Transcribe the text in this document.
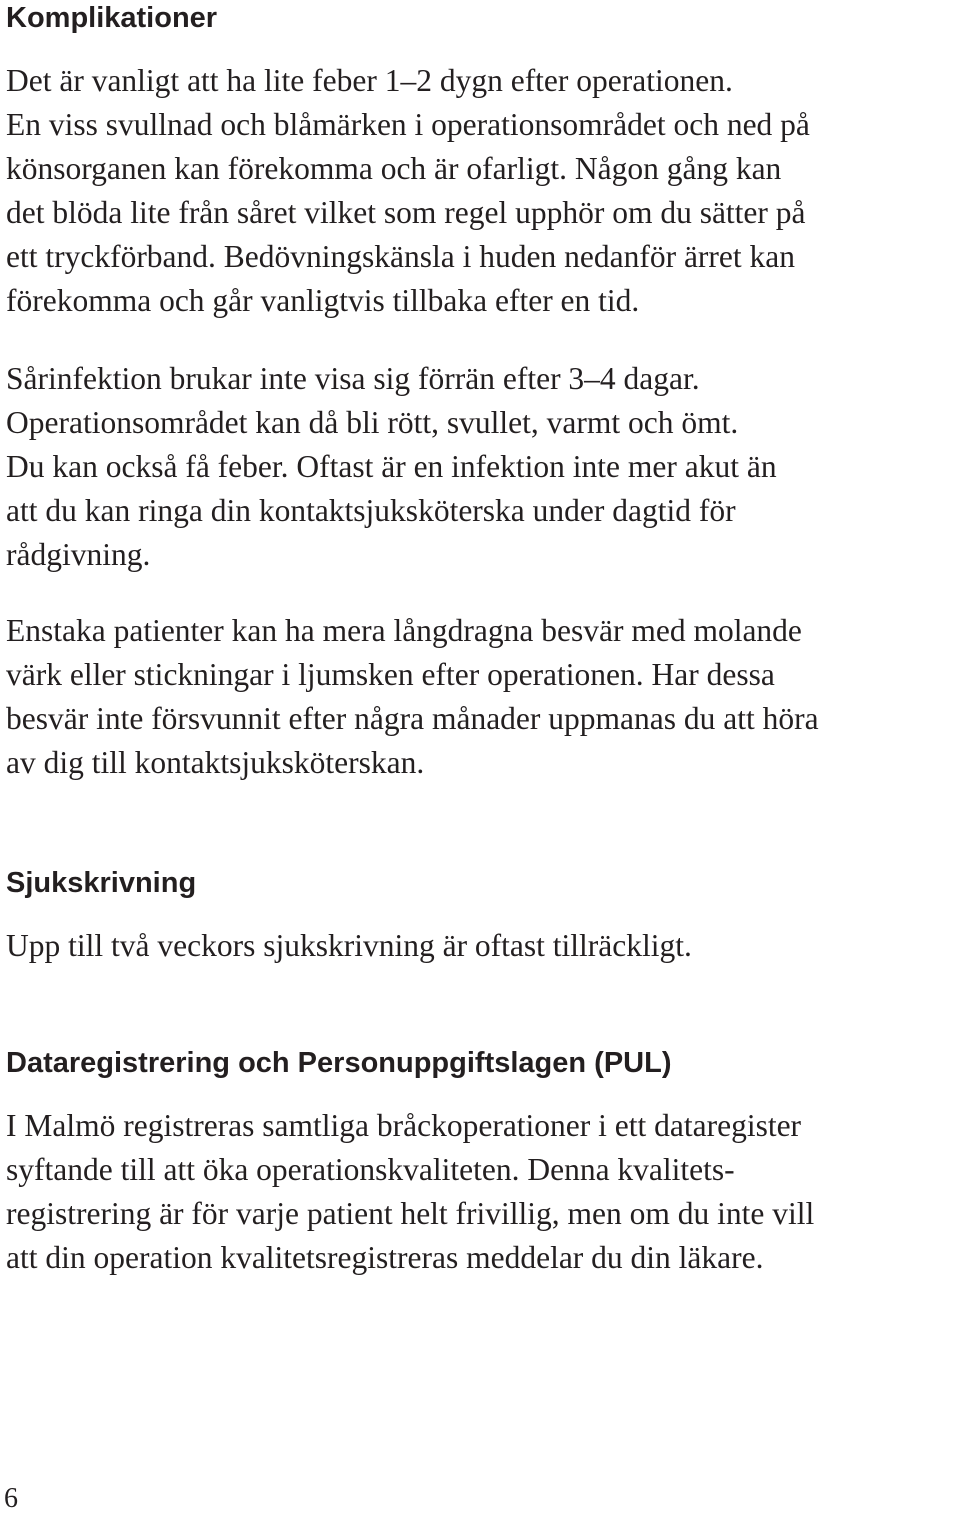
Komplikationer

Det är vanligt att ha lite feber 1–2 dygn efter operationen.
En viss svullnad och blåmärken i operationsområdet och ned på
könsorganen kan förekomma och är ofarligt. Någon gång kan
det blöda lite från såret vilket som regel upphör om du sätter på
ett tryckförband. Bedövningskänsla i huden nedanför ärret kan
förekomma och går vanligtvis tillbaka efter en tid.

Sårinfektion brukar inte visa sig förrän efter 3–4 dagar.
Operationsområdet kan då bli rött, svullet, varmt och ömt.
Du kan också få feber. Oftast är en infektion inte mer akut än
att du kan ringa din kontaktsjuksköterska under dagtid för
rådgivning.

Enstaka patienter kan ha mera långdragna besvär med molande
värk eller stickningar i ljumsken efter operationen. Har dessa
besvär inte försvunnit efter några månader uppmanas du att höra
av dig till kontaktsjuksköterskan.

Sjukskrivning

Upp till två veckors sjukskrivning är oftast tillräckligt.

Dataregistrering och Personuppgiftslagen (PUL)

I Malmö registreras samtliga bråckoperationer i ett dataregister
syftande till att öka operationskvaliteten. Denna kvalitets-
registrering är för varje patient helt frivillig, men om du inte vill
att din operation kvalitetsregistreras meddelar du din läkare.

6
